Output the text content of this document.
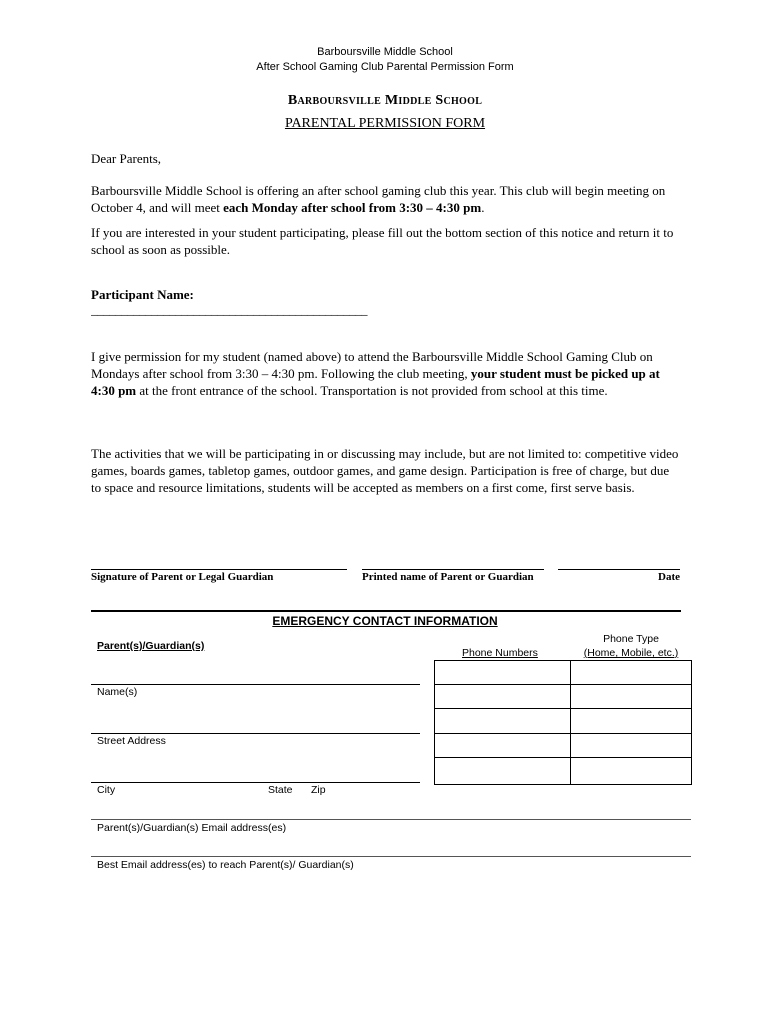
Barboursville Middle School
After School Gaming Club Parental Permission Form
Barboursville Middle School
PARENTAL PERMISSION FORM
Dear Parents,
Barboursville Middle School is offering an after school gaming club this year. This club will begin meeting on October 4, and will meet each Monday after school from 3:30 – 4:30 pm.
If you are interested in your student participating, please fill out the bottom section of this notice and return it to school as soon as possible.
Participant Name:
______________________________________________
I give permission for my student (named above) to attend the Barboursville Middle School Gaming Club on Mondays after school from 3:30 – 4:30 pm. Following the club meeting, your student must be picked up at 4:30 pm at the front entrance of the school. Transportation is not provided from school at this time.
The activities that we will be participating in or discussing may include, but are not limited to: competitive video games, boards games, tabletop games, outdoor games, and game design. Participation is free of charge, but due to space and resource limitations, students will be accepted as members on a first come, first serve basis.
Signature of Parent or Legal Guardian	Printed name of Parent or Guardian	Date
EMERGENCY CONTACT INFORMATION
Parent(s)/Guardian(s)
Phone Numbers
Phone Type
(Home, Mobile, etc.)
Name(s)
Street Address
City	State Zip
Parent(s)/Guardian(s) Email address(es)
Best Email address(es) to reach Parent(s)/ Guardian(s)
